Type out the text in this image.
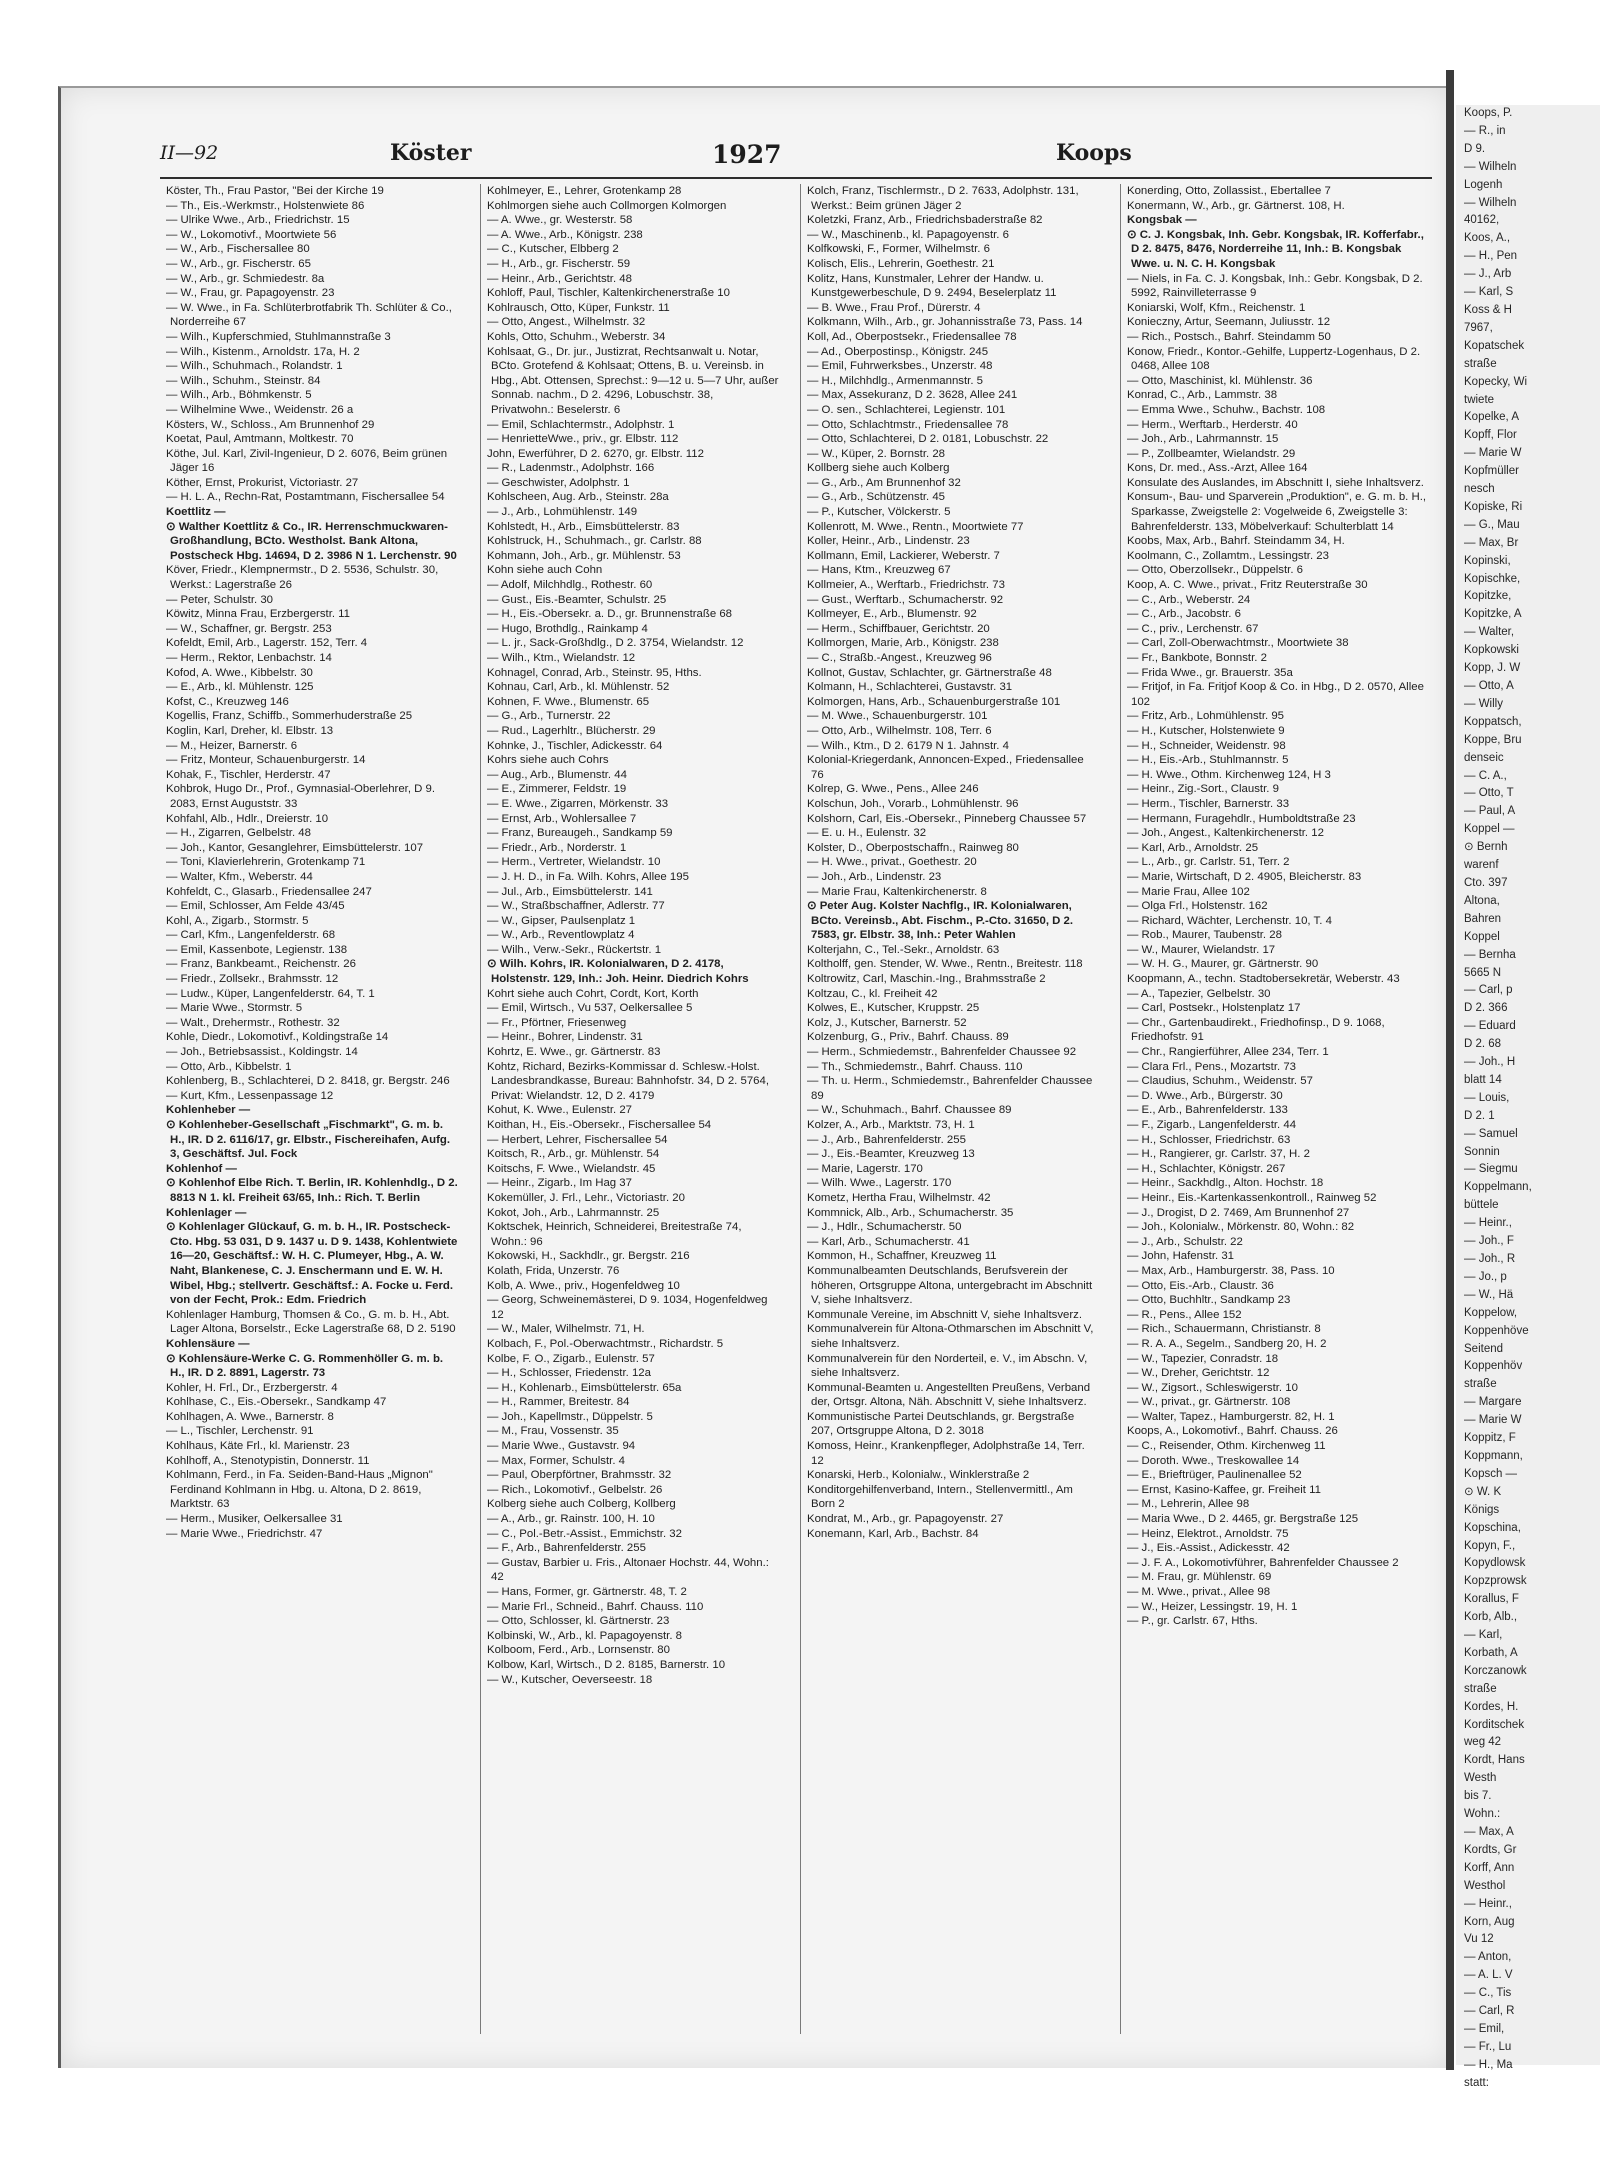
Koops, P.
— R., in
D 9.
— Wilheln
Logenh
— Wilheln
40162,
Koos, A.,
— H., Pen
— J., Arb
— Karl, S
Koss & H
7967,
Kopatschek
straße
Kopecky, Wi
twiete
Kopelke, A
Kopff, Flor
— Marie W
Kopfmüller
nesch
Kopiske, Ri
— G., Mau
— Max, Br
Kopinski,
Kopischke,
Kopitzke,
Kopitzke, A
— Walter,
Kopkowski
Kopp, J. W
— Otto, A
— Willy
Koppatsch,
Koppe, Bru
denseic
— C. A.,
— Otto, T
— Paul, A
Koppel —
⊙ Bernh
warenf
Cto. 397
Altona,
Bahren
Koppel
— Bernha
5665 N
— Carl, p
D 2. 366
— Eduard
D 2. 68
— Joh., H
blatt 14
— Louis,
D 2. 1
— Samuel
Sonnin
— Siegmu
Koppelmann,
büttele
— Heinr.,
— Joh., F
— Joh., R
— Jo., p
— W., Hä
Koppelow,
Koppenhöve
Seitend
Koppenhöv
straße
— Margare
— Marie W
Koppitz, F
Koppmann,
Kopsch —
⊙ W. K
Königs
Kopschina,
Kopyn, F.,
Kopydlowsk
Kopzprowsk
Korallus, F
Korb, Alb.,
— Karl,
Korbath, A
Korczanowk
straße
Kordes, H.
Korditschek
weg 42
Kordt, Hans
Westh
bis 7.
Wohn.:
— Max, A
Kordts, Gr
Korff, Ann
Westhol
— Heinr.,
Korn, Aug
Vu 12
— Anton,
— A. L. V
— C., Tis
— Carl, R
— Emil,
— Fr., Lu
— H., Ma
statt:
II—92	Köster	1927	Koops
Köster, Th., Frau Pastor, "Bei der Kirche 19
— Th., Eis.-Werkmstr., Holstenwiete 86
— Ulrike Wwe., Arb., Friedrichstr. 15
— W., Lokomotivf., Moortwiete 56
— W., Arb., Fischersallee 80
— W., Arb., gr. Fischerstr. 65
— W., Arb., gr. Schmiedestr. 8a
— W., Frau, gr. Papagoyenstr. 23
— W. Wwe., in Fa. Schlüterbrotfabrik Th. Schlüter & Co., Norderreihe 67
— Wilh., Kupferschmied, Stuhlmannstraße 3
— Wilh., Kistenm., Arnoldstr. 17a, H. 2
— Wilh., Schuhmach., Rolandstr. 1
— Wilh., Schuhm., Steinstr. 84
— Wilh., Arb., Böhmkenstr. 5
— Wilhelmine Wwe., Weidenstr. 26 a
Kösters, W., Schloss., Am Brunnenhof 29
Koetat, Paul, Amtmann, Moltkestr. 70
Köthe, Jul. Karl, Zivil-Ingenieur, D 2. 6076, Beim grünen Jäger 16
Köther, Ernst, Prokurist, Victoriastr. 27
— H. L. A., Rechn-Rat, Postamtmann, Fischersallee 54
Koettlitz —
⊙ Walther Koettlitz & Co., IR. Herrenschmuckwaren-Großhandlung, BCto. Westholst. Bank Altona, Postscheck Hbg. 14694, D 2. 3986 N 1. Lerchenstr. 90
Köver, Friedr., Klempnermstr., D 2. 5536, Schulstr. 30, Werkst.: Lagerstraße 26
— Peter, Schulstr. 30
Köwitz, Minna Frau, Erzbergerstr. 11
— W., Schaffner, gr. Bergstr. 253
Kofeldt, Emil, Arb., Lagerstr. 152, Terr. 4
— Herm., Rektor, Lenbachstr. 14
Kofod, A. Wwe., Kibbelstr. 30
— E., Arb., kl. Mühlenstr. 125
Kofst, C., Kreuzweg 146
Kogellis, Franz, Schiffb., Sommerhuderstraße 25
Koglin, Karl, Dreher, kl. Elbstr. 13
— M., Heizer, Barnerstr. 6
— Fritz, Monteur, Schauenburgerstr. 14
Kohak, F., Tischler, Herderstr. 47
Kohbrok, Hugo Dr., Prof., Gymnasial-Oberlehrer, D 9. 2083, Ernst Auguststr. 33
Kohfahl, Alb., Hdlr., Dreierstr. 10
— H., Zigarren, Gelbelstr. 48
— Joh., Kantor, Gesanglehrer, Eimsbüttelerstr. 107
— Toni, Klavierlehrerin, Grotenkamp 71
— Walter, Kfm., Weberstr. 44
Kohfeldt, C., Glasarb., Friedensallee 247
— Emil, Schlosser, Am Felde 43/45
Kohl, A., Zigarb., Stormstr. 5
— Carl, Kfm., Langenfelderstr. 68
— Emil, Kassenbote, Legienstr. 138
— Franz, Bankbeamt., Reichenstr. 26
— Friedr., Zollsekr., Brahmsstr. 12
— Ludw., Küper, Langenfelderstr. 64, T. 1
— Marie Wwe., Stormstr. 5
— Walt., Drehermstr., Rothestr. 32
Kohle, Diedr., Lokomotivf., Koldingstraße 14
— Joh., Betriebsassist., Koldingstr. 14
— Otto, Arb., Kibbelstr. 1
Kohlenberg, B., Schlachterei, D 2. 8418, gr. Bergstr. 246
— Kurt, Kfm., Lessenpassage 12
Kohlenheber —
⊙ Kohlenheber-Gesellschaft „Fischmarkt", G. m. b. H., IR. D 2. 6116/17, gr. Elbstr., Fischereihafen, Aufg. 3, Geschäftsf. Jul. Fock
Kohlenhof —
⊙ Kohlenhof Elbe Rich. T. Berlin, IR. Kohlenhdlg., D 2. 8813 N 1. kl. Freiheit 63/65, Inh.: Rich. T. Berlin
Kohlenlager —
⊙ Kohlenlager Glückauf, G. m. b. H., IR. Postscheck-Cto. Hbg. 53 031, D 9. 1437 u. D 9. 1438, Kohlentwiete 16—20, Geschäftsf.: W. H. C. Plumeyer, Hbg., A. W. Naht, Blankenese, C. J. Enschermann und E. W. H. Wibel, Hbg.; stellvertr. Geschäftsf.: A. Focke u. Ferd. von der Fecht, Prok.: Edm. Friedrich
Kohlenlager Hamburg, Thomsen & Co., G. m. b. H., Abt. Lager Altona, Borselstr., Ecke Lagerstraße 68, D 2. 5190
Kohlensäure —
⊙ Kohlensäure-Werke C. G. Rommenhöller G. m. b. H., IR. D 2. 8891, Lagerstr. 73
Kohler, H. Frl., Dr., Erzbergerstr. 4
Kohlhase, C., Eis.-Obersekr., Sandkamp 47
Kohlhagen, A. Wwe., Barnerstr. 8
— L., Tischler, Lerchenstr. 91
Kohlhaus, Käte Frl., kl. Marienstr. 23
Kohlhoff, A., Stenotypistin, Donnerstr. 11
Kohlmann, Ferd., in Fa. Seiden-Band-Haus „Mignon" Ferdinand Kohlmann in Hbg. u. Altona, D 2. 8619, Marktstr. 63
— Herm., Musiker, Oelkersallee 31
— Marie Wwe., Friedrichstr. 47
Kohlmeyer, E., Lehrer, Grotenkamp 28
Kohlmorgen siehe auch Collmorgen Kolmorgen
— A. Wwe., gr. Westerstr. 58
— A. Wwe., Arb., Königstr. 238
— C., Kutscher, Elbberg 2
— H., Arb., gr. Fischerstr. 59
— Heinr., Arb., Gerichtstr. 48
Kohloff, Paul, Tischler, Kaltenkirchenerstraße 10
Kohlrausch, Otto, Küper, Funkstr. 11
— Otto, Angest., Wilhelmstr. 32
Kohls, Otto, Schuhm., Weberstr. 34
Kohlsaat, G., Dr. jur., Justizrat, Rechtsanwalt u. Notar, BCto. Grotefend & Kohlsaat; Ottens, B. u. Vereinsb. in Hbg., Abt. Ottensen, Sprechst.: 9—12 u. 5—7 Uhr, außer Sonnab. nachm., D 2. 4296, Lobuschstr. 38, Privatwohn.: Beselerstr. 6
— Emil, Schlachtermstr., Adolphstr. 1
— HenrietteWwe., priv., gr. Elbstr. 112
John, Ewerführer, D 2. 6270, gr. Elbstr. 112
— R., Ladenmstr., Adolphstr. 166
— Geschwister, Adolphstr. 1
Kohlscheen, Aug. Arb., Steinstr. 28a
— J., Arb., Lohmühlenstr. 149
Kohlstedt, H., Arb., Eimsbüttelerstr. 83
Kohlstruck, H., Schuhmach., gr. Carlstr. 88
Kohmann, Joh., Arb., gr. Mühlenstr. 53
Kohn siehe auch Cohn
— Adolf, Milchhdlg., Rothestr. 60
— Gust., Eis.-Beamter, Schulstr. 25
— H., Eis.-Obersekr. a. D., gr. Brunnenstraße 68
— Hugo, Brothdlg., Rainkamp 4
— L. jr., Sack-Großhdlg., D 2. 3754, Wielandstr. 12
— Wilh., Ktm., Wielandstr. 12
Kohnagel, Conrad, Arb., Steinstr. 95, Hths.
Kohnau, Carl, Arb., kl. Mühlenstr. 52
Kohnen, F. Wwe., Blumenstr. 65
— G., Arb., Turnerstr. 22
— Rud., Lagerhltr., Blücherstr. 29
Kohnke, J., Tischler, Adickesstr. 64
Kohrs siehe auch Cohrs
— Aug., Arb., Blumenstr. 44
— E., Zimmerer, Feldstr. 19
— E. Wwe., Zigarren, Mörkenstr. 33
— Ernst, Arb., Wohlersallee 7
— Franz, Bureaugeh., Sandkamp 59
— Friedr., Arb., Norderstr. 1
— Herm., Vertreter, Wielandstr. 10
— J. H. D., in Fa. Wilh. Kohrs, Allee 195
— Jul., Arb., Eimsbüttelerstr. 141
— W., Straßbschaffner, Adlerstr. 77
— W., Gipser, Paulsenplatz 1
— W., Arb., Reventlowplatz 4
— Wilh., Verw.-Sekr., Rückertstr. 1
⊙ Wilh. Kohrs, IR. Kolonialwaren, D 2. 4178, Holstenstr. 129, Inh.: Joh. Heinr. Diedrich Kohrs
Kohrt siehe auch Cohrt, Cordt, Kort, Korth
— Emil, Wirtsch., Vu 537, Oelkersallee 5
— Fr., Pförtner, Friesenweg
— Heinr., Bohrer, Lindenstr. 31
Kohrtz, E. Wwe., gr. Gärtnerstr. 83
Kohtz, Richard, Bezirks-Kommissar d. Schlesw.-Holst. Landesbrandkasse, Bureau: Bahnhofstr. 34, D 2. 5764, Privat: Wielandstr. 12, D 2. 4179
Kohut, K. Wwe., Eulenstr. 27
Koithan, H., Eis.-Obersekr., Fischersallee 54
— Herbert, Lehrer, Fischersallee 54
Koitsch, R., Arb., gr. Mühlenstr. 54
Koitschs, F. Wwe., Wielandstr. 45
— Heinr., Zigarb., Im Hag 37
Kokemüller, J. Frl., Lehr., Victoriastr. 20
Kokot, Joh., Arb., Lahrmannstr. 25
Koktschek, Heinrich, Schneiderei, Breitestraße 74, Wohn.: 96
Kokowski, H., Sackhdlr., gr. Bergstr. 216
Kolath, Frida, Unzerstr. 76
Kolb, A. Wwe., priv., Hogenfeldweg 10
— Georg, Schweinemästerei, D 9. 1034, Hogenfeldweg 12
— W., Maler, Wilhelmstr. 71, H.
Kolbach, F., Pol.-Oberwachtmstr., Richardstr. 5
Kolbe, F. O., Zigarb., Eulenstr. 57
— H., Schlosser, Friedenstr. 12a
— H., Kohlenarb., Eimsbüttelerstr. 65a
— H., Rammer, Breitestr. 84
— Joh., Kapellmstr., Düppelstr. 5
— M., Frau, Vossenstr. 35
— Marie Wwe., Gustavstr. 94
— Max, Former, Schulstr. 4
— Paul, Oberpförtner, Brahmsstr. 32
— Rich., Lokomotivf., Gelbelstr. 26
Kolberg siehe auch Colberg, Kollberg
— A., Arb., gr. Rainstr. 100, H. 10
— C., Pol.-Betr.-Assist., Emmichstr. 32
— F., Arb., Bahrenfelderstr. 255
— Gustav, Barbier u. Fris., Altonaer Hochstr. 44, Wohn.: 42
— Hans, Former, gr. Gärtnerstr. 48, T. 2
— Marie Frl., Schneid., Bahrf. Chauss. 110
— Otto, Schlosser, kl. Gärtnerstr. 23
Kolbinski, W., Arb., kl. Papagoyenstr. 8
Kolboom, Ferd., Arb., Lornsenstr. 80
Kolbow, Karl, Wirtsch., D 2. 8185, Barnerstr. 10
— W., Kutscher, Oeverseestr. 18
Kolch, Franz, Tischlermstr., D 2. 7633, Adolphstr. 131, Werkst.: Beim grünen Jäger 2
Koletzki, Franz, Arb., Friedrichsbaderstraße 82
— W., Maschinenb., kl. Papagoyenstr. 6
Kolfkowski, F., Former, Wilhelmstr. 6
Kolisch, Elis., Lehrerin, Goethestr. 21
Kolitz, Hans, Kunstmaler, Lehrer der Handw. u. Kunstgewerbeschule, D 9. 2494, Beselerplatz 11
— B. Wwe., Frau Prof., Dürerstr. 4
Kolkmann, Wilh., Arb., gr. Johannisstraße 73, Pass. 14
Koll, Ad., Oberpostsekr., Friedensallee 78
— Ad., Oberpostinsp., Königstr. 245
— Emil, Fuhrwerksbes., Unzerstr. 48
— H., Milchhdlg., Armenmannstr. 5
— Max, Assekuranz, D 2. 3628, Allee 241
— O. sen., Schlachterei, Legienstr. 101
— Otto, Schlachtmstr., Friedensallee 78
— Otto, Schlachterei, D 2. 0181, Lobuschstr. 22
— W., Küper, 2. Bornstr. 28
Kollberg siehe auch Kolberg
— G., Arb., Am Brunnenhof 32
— G., Arb., Schützenstr. 45
— P., Kutscher, Völckerstr. 5
Kollenrott, M. Wwe., Rentn., Moortwiete 77
Koller, Heinr., Arb., Lindenstr. 23
Kollmann, Emil, Lackierer, Weberstr. 7
— Hans, Ktm., Kreuzweg 67
Kollmeier, A., Werftarb., Friedrichstr. 73
— Gust., Werftarb., Schumacherstr. 92
Kollmeyer, E., Arb., Blumenstr. 92
— Herm., Schiffbauer, Gerichtstr. 20
Kollmorgen, Marie, Arb., Königstr. 238
— C., Straßb.-Angest., Kreuzweg 96
Kollnot, Gustav, Schlachter, gr. Gärtnerstraße 48
Kolmann, H., Schlachterei, Gustavstr. 31
Kolmorgen, Hans, Arb., Schauenburgerstraße 101
— M. Wwe., Schauenburgerstr. 101
— Otto, Arb., Wilhelmstr. 108, Terr. 6
— Wilh., Ktm., D 2. 6179 N 1. Jahnstr. 4
Kolonial-Kriegerdank, Annoncen-Exped., Friedensallee 76
Kolrep, G. Wwe., Pens., Allee 246
Kolschun, Joh., Vorarb., Lohmühlenstr. 96
Kolshorn, Carl, Eis.-Obersekr., Pinneberg Chaussee 57
— E. u. H., Eulenstr. 32
Kolster, D., Oberpostschaffn., Rainweg 80
— H. Wwe., privat., Goethestr. 20
— Joh., Arb., Lindenstr. 23
— Marie Frau, Kaltenkirchenerstr. 8
⊙ Peter Aug. Kolster Nachflg., IR. Kolonialwaren, BCto. Vereinsb., Abt. Fischm., P.-Cto. 31650, D 2. 7583, gr. Elbstr. 38, Inh.: Peter Wahlen
Kolterjahn, C., Tel.-Sekr., Arnoldstr. 63
Koltholff, gen. Stender, W. Wwe., Rentn., Breitestr. 118
Koltrowitz, Carl, Maschin.-Ing., Brahmsstraße 2
Koltzau, C., kl. Freiheit 42
Kolwes, E., Kutscher, Kruppstr. 25
Kolz, J., Kutscher, Barnerstr. 52
Kolzenburg, G., Priv., Bahrf. Chauss. 89
— Herm., Schmiedemstr., Bahrenfelder Chaussee 92
— Th., Schmiedemstr., Bahrf. Chauss. 110
— Th. u. Herm., Schmiedemstr., Bahrenfelder Chaussee 89
— W., Schuhmach., Bahrf. Chaussee 89
Kolzer, A., Arb., Marktstr. 73, H. 1
— J., Arb., Bahrenfelderstr. 255
— J., Eis.-Beamter, Kreuzweg 13
— Marie, Lagerstr. 170
— Wilh. Wwe., Lagerstr. 170
Kometz, Hertha Frau, Wilhelmstr. 42
Kommnick, Alb., Arb., Schumacherstr. 35
— J., Hdlr., Schumacherstr. 50
— Karl, Arb., Schumacherstr. 41
Kommon, H., Schaffner, Kreuzweg 11
Kommunalbeamten Deutschlands, Berufsverein der höheren, Ortsgruppe Altona, untergebracht im Abschnitt V, siehe Inhaltsverz.
Kommunale Vereine, im Abschnitt V, siehe Inhaltsverz.
Kommunalverein für Altona-Othmarschen im Abschnitt V, siehe Inhaltsverz.
Kommunalverein für den Norderteil, e. V., im Abschn. V, siehe Inhaltsverz.
Kommunal-Beamten u. Angestellten Preußens, Verband der, Ortsgr. Altona, Näh. Abschnitt V, siehe Inhaltsverz.
Kommunistische Partei Deutschlands, gr. Bergstraße 207, Ortsgruppe Altona, D 2. 3018
Komoss, Heinr., Krankenpfleger, Adolphstraße 14, Terr. 12
Konarski, Herb., Kolonialw., Winklerstraße 2
Konditorgehilfenverband, Intern., Stellenvermittl., Am Born 2
Kondrat, M., Arb., gr. Papagoyenstr. 27
Konemann, Karl, Arb., Bachstr. 84
Konerding, Otto, Zollassist., Ebertallee 7
Konermann, W., Arb., gr. Gärtnerst. 108, H.
Kongsbak —
⊙ C. J. Kongsbak, Inh. Gebr. Kongsbak, IR. Kofferfabr., D 2. 8475, 8476, Norderreihe 11, Inh.: B. Kongsbak Wwe. u. N. C. H. Kongsbak
— Niels, in Fa. C. J. Kongsbak, Inh.: Gebr. Kongsbak, D 2. 5992, Rainvilleterrasse 9
Koniarski, Wolf, Kfm., Reichenstr. 1
Konieczny, Artur, Seemann, Juliusstr. 12
— Rich., Postsch., Bahrf. Steindamm 50
Konow, Friedr., Kontor.-Gehilfe, Luppertz-Logenhaus, D 2. 0468, Allee 108
— Otto, Maschinist, kl. Mühlenstr. 36
Konrad, C., Arb., Lammstr. 38
— Emma Wwe., Schuhw., Bachstr. 108
— Herm., Werftarb., Herderstr. 40
— Joh., Arb., Lahrmannstr. 15
— P., Zollbeamter, Wielandstr. 29
Kons, Dr. med., Ass.-Arzt, Allee 164
Konsulate des Auslandes, im Abschnitt I, siehe Inhaltsverz.
Konsum-, Bau- und Sparverein „Produktion", e. G. m. b. H., Sparkasse, Zweigstelle 2: Vogelweide 6, Zweigstelle 3: Bahrenfelderstr. 133, Möbelverkauf: Schulterblatt 14
Koobs, Max, Arb., Bahrf. Steindamm 34, H.
Koolmann, C., Zollamtm., Lessingstr. 23
— Otto, Oberzollsekr., Düppelstr. 6
Koop, A. C. Wwe., privat., Fritz Reuterstraße 30
— C., Arb., Weberstr. 24
— C., Arb., Jacobstr. 6
— C., priv., Lerchenstr. 67
— Carl, Zoll-Oberwachtmstr., Moortwiete 38
— Fr., Bankbote, Bonnstr. 2
— Frida Wwe., gr. Brauerstr. 35a
— Fritjof, in Fa. Fritjof Koop & Co. in Hbg., D 2. 0570, Allee 102
— Fritz, Arb., Lohmühlenstr. 95
— H., Kutscher, Holstenwiete 9
— H., Schneider, Weidenstr. 98
— H., Eis.-Arb., Stuhlmannstr. 5
— H. Wwe., Othm. Kirchenweg 124, H 3
— Heinr., Zig.-Sort., Claustr. 9
— Herm., Tischler, Barnerstr. 33
— Hermann, Furagehdlr., Humboldtstraße 23
— Joh., Angest., Kaltenkirchenerstr. 12
— Karl, Arb., Arnoldstr. 25
— L., Arb., gr. Carlstr. 51, Terr. 2
— Marie, Wirtschaft, D 2. 4905, Bleicherstr. 83
— Marie Frau, Allee 102
— Olga Frl., Holstenstr. 162
— Richard, Wächter, Lerchenstr. 10, T. 4
— Rob., Maurer, Taubenstr. 28
— W., Maurer, Wielandstr. 17
— W. H. G., Maurer, gr. Gärtnerstr. 90
Koopmann, A., techn. Stadtobersekretär, Weberstr. 43
— A., Tapezier, Gelbelstr. 30
— Carl, Postsekr., Holstenplatz 17
— Chr., Gartenbaudirekt., Friedhofinsp., D 9. 1068, Friedhofstr. 91
— Chr., Rangierführer, Allee 234, Terr. 1
— Clara Frl., Pens., Mozartstr. 73
— Claudius, Schuhm., Weidenstr. 57
— D. Wwe., Arb., Bürgerstr. 30
— E., Arb., Bahrenfelderstr. 133
— F., Zigarb., Langenfelderstr. 44
— H., Schlosser, Friedrichstr. 63
— H., Rangierer, gr. Carlstr. 37, H. 2
— H., Schlachter, Königstr. 267
— Heinr., Sackhdlg., Alton. Hochstr. 18
— Heinr., Eis.-Kartenkassenkontroll., Rainweg 52
— J., Drogist, D 2. 7469, Am Brunnenhof 27
— Joh., Kolonialw., Mörkenstr. 80, Wohn.: 82
— J., Arb., Schulstr. 22
— John, Hafenstr. 31
— Max, Arb., Hamburgerstr. 38, Pass. 10
— Otto, Eis.-Arb., Claustr. 36
— Otto, Buchhltr., Sandkamp 23
— R., Pens., Allee 152
— Rich., Schauermann, Christianstr. 8
— R. A. A., Segelm., Sandberg 20, H. 2
— W., Tapezier, Conradstr. 18
— W., Dreher, Gerichtstr. 12
— W., Zigsort., Schleswigerstr. 10
— W., privat., gr. Gärtnerstr. 108
— Walter, Tapez., Hamburgerstr. 82, H. 1
Koops, A., Lokomotivf., Bahrf. Chauss. 26
— C., Reisender, Othm. Kirchenweg 11
— Doroth. Wwe., Treskowallee 14
— E., Brieftrüger, Paulinenallee 52
— Ernst, Kasino-Kaffee, gr. Freiheit 11
— M., Lehrerin, Allee 98
— Maria Wwe., D 2. 4465, gr. Bergstraße 125
— Heinz, Elektrot., Arnoldstr. 75
— J., Eis.-Assist., Adickesstr. 42
— J. F. A., Lokomotivführer, Bahrenfelder Chaussee 2
— M. Frau, gr. Mühlenstr. 69
— M. Wwe., privat., Allee 98
— W., Heizer, Lessingstr. 19, H. 1
— P., gr. Carlstr. 67, Hths.
